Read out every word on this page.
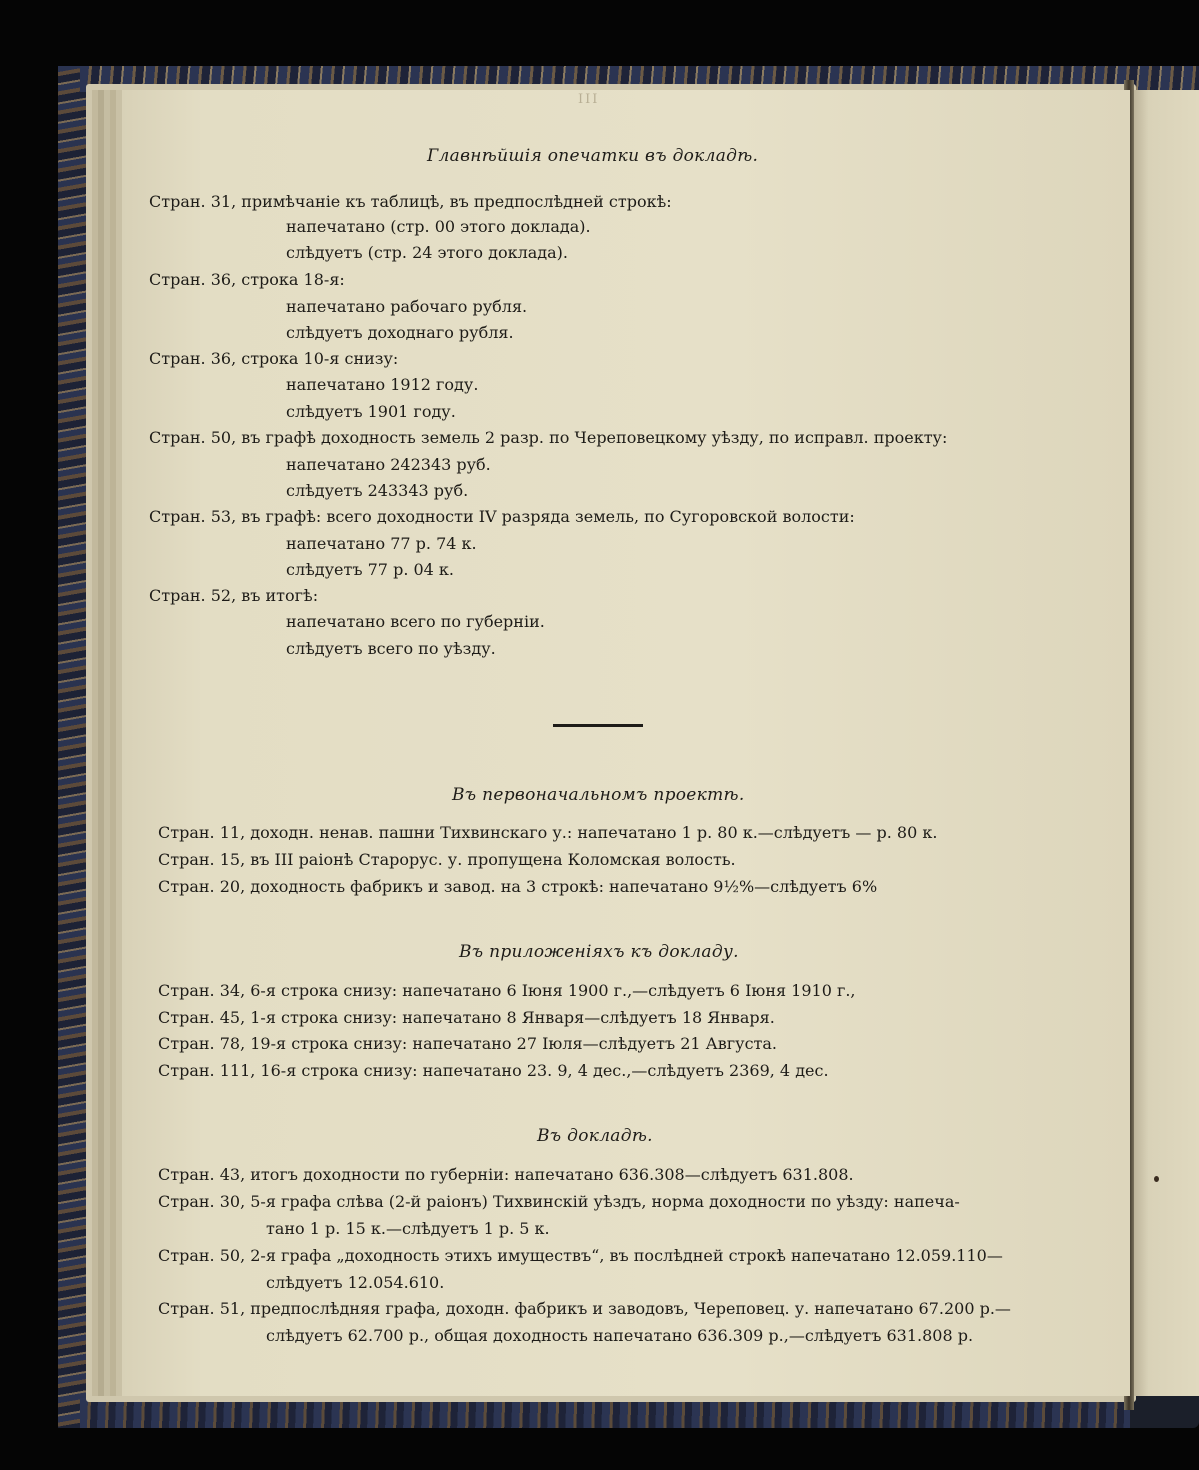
III
Главнѣйшія опечатки въ докладѣ.
Стран. 31, примѣчаніе къ таблицѣ, въ предпослѣдней строкѣ:
напечатано (стр. 00 этого доклада).
слѣдуетъ (стр. 24 этого доклада).
Стран. 36, строка 18-я:
напечатано рабочаго рубля.
слѣдуетъ доходнаго рубля.
Стран. 36, строка 10-я снизу:
напечатано 1912 году.
слѣдуетъ 1901 году.
Стран. 50, въ графѣ доходность земель 2 разр. по Череповецкому уѣзду, по исправл. проекту:
напечатано 242343 руб.
слѣдуетъ 243343 руб.
Стран. 53, въ графѣ: всего доходности IV разряда земель, по Сугоровской волости:
напечатано 77 р. 74 к.
слѣдуетъ 77 р. 04 к.
Стран. 52, въ итогѣ:
напечатано всего по губерніи.
слѣдуетъ всего по уѣзду.
Въ первоначальномъ проектѣ.
Стран. 11, доходн. ненав. пашни Тихвинскаго у.: напечатано 1 р. 80 к.—слѣдуетъ — р. 80 к.
Стран. 15, въ III раіонѣ Старорус. у. пропущена Коломская волость.
Стран. 20, доходность фабрикъ и завод. на 3 строкѣ: напечатано 9½%—слѣдуетъ 6%
Въ приложеніяхъ къ докладу.
Стран. 34, 6-я строка снизу: напечатано 6 Іюня 1900 г.,—слѣдуетъ 6 Іюня 1910 г.,
Стран. 45, 1-я строка снизу: напечатано 8 Января—слѣдуетъ 18 Января.
Стран. 78, 19-я строка снизу: напечатано 27 Іюля—слѣдуетъ 21 Августа.
Стран. 111, 16-я строка снизу: напечатано 23. 9, 4 дес.,—слѣдуетъ 2369, 4 дес.
Въ докладѣ.
Стран. 43, итогъ доходности по губерніи: напечатано 636.308—слѣдуетъ 631.808.
Стран. 30, 5-я графа слѣва (2-й раіонъ) Тихвинскій уѣздъ, норма доходности по уѣзду: напеча-
тано 1 р. 15 к.—слѣдуетъ 1 р. 5 к.
Стран. 50, 2-я графа „доходность этихъ имуществъ“, въ послѣдней строкѣ напечатано 12.059.110—
слѣдуетъ 12.054.610.
Стран. 51, предпослѣдняя графа, доходн. фабрикъ и заводовъ, Череповец. у. напечатано 67.200 р.—
слѣдуетъ 62.700 р., общая доходность напечатано 636.309 р.,—слѣдуетъ 631.808 р.
